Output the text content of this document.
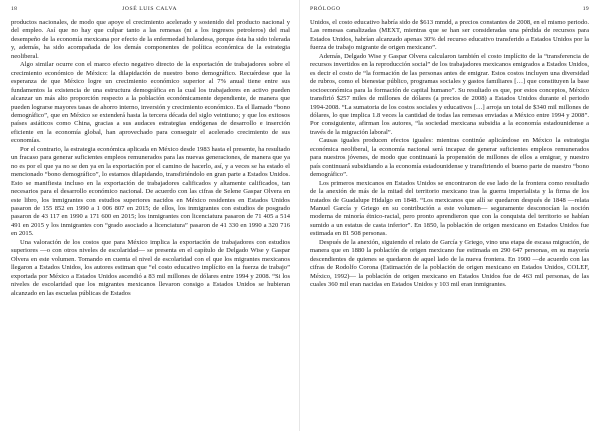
18	JOSÉ LUIS CALVA

productos nacionales, de modo que apoye el crecimiento acelerado y sostenido del producto nacional y del empleo. Así que no hay que culpar tanto a las remesas (ni a los ingresos petroleros) del mal desempeño de la economía mexicana por efecto de la enfermedad holandesa, porque ésta ha sido tolerada y, además, ha sido acompañada de los demás componentes de política económica de la estrategia neoliberal.

Algo similar ocurre con el marco efecto negativo directo de la exportación de trabajadores sobre el crecimiento económico de México: la dilapidación de nuestro bono demográfico. Recuérdese que la esperanza de que México logre un crecimiento económico superior al 7% anual tiene entre sus fundamentos la existencia de una estructura demográfica en la cual los trabajadores en activo pueden alcanzar un más alto proporción respecto a la población económicamente dependiente, de manera que pueden lograrse mayores tasas de ahorro interno, inversión y crecimiento económico. Es el llamado “bono demográfico”, que en México se extenderá hasta la tercera década del siglo veintiuno; y que los exitosos países asiáticos como China, gracias a sus audaces estrategias endógenas de desarrollo e inserción eficiente en la economía global, han aprovechado para conseguir el acelerado crecimiento de sus economías.

Por el contrario, la estrategia económica aplicada en México desde 1983 hasta el presente, ha resultado un fracaso para generar suficientes empleos remunerados para las nuevas generaciones, de manera que ya no es por el que ya no se den ya en la exportación por el camino de hacerlo, así, y a veces se ha estado el mencionado “bono demográfico”, lo estamos dilapidando, transfiriéndolo en gran parte a Estados Unidos. Esto se manifiesta incluso en la exportación de trabajadores calificados y altamente calificados, tan necesarios para el desarrollo económico nacional. De acuerdo con las cifras de Selene Gaspar Olvera en este libro, los inmigrantes con estudios superiores nacidos en México residentes en Estados Unidos pasaron de 155 852 en 1990 a 1 006 807 en 2015; de ellos, los inmigrantes con estudios de posgrado pasaron de 43 117 en 1990 a 171 600 en 2015; los inmigrantes con licenciatura pasaron de 71 405 a 514 491 en 2015 y los inmigrantes con “grado asociado a licenciatura” pasaron de 41 330 en 1990 a 320 716 en 2015.

Una valoración de los costos que para México implica la exportación de trabajadores con estudios superiores —o con otros niveles de escolaridad— se presenta en el capítulo de Delgado Wise y Gaspar Olvera en este volumen. Tomando en cuenta el nivel de escolaridad con el que los migrantes mexicanos llegaron a Estados Unidos, los autores estiman que “el costo educativo implícito en la fuerza de trabajo” exportada por México a Estados Unidos ascendió a 83 mil millones de dólares entre 1994 y 2008. “Si los niveles de escolaridad que los migrantes mexicanos llevaron consigo a Estados Unidos se hubieran alcanzado en las escuelas públicas de Estados

PRÓLOGO	19

Unidos, el costo educativo habría sido de $613 mmdd, a precios constantes de 2008, en el mismo periodo. Las remesas canalizadas (MEXT, mientras que se han ser consideradas una pérdida de recursos para Estados Unidos, habrían alcanzado apenas 30% del recurso educativo transferido a Estados Unidos por la fuerza de trabajo migrante de origen mexicano”.

Además, Delgado Wise y Gaspar Olvera calcularon también el costo implícito de la “transferencia de recursos invertidos en la reproducción social” de los trabajadores mexicanos emigrados a Estados Unidos, es decir el costo de “la formación de las personas antes de emigrar. Estos costos incluyen una diversidad de rubros, como el bienestar público, programas sociales y gastos familiares […] que constituyen la base socioeconómica para la formación de capital humano”. Su resultado es que, por estos conceptos, México transfirió $257 miles de millones de dólares (a precios de 2008) a Estados Unidos durante el periodo 1994-2008. “La sumatoria de los costos sociales y educativos […] arroja un total de $340 mil millones de dólares, lo que implica 1.8 veces la cantidad de todas las remesas enviadas a México entre 1994 y 2008”. Por consiguiente, afirman los autores, “la sociedad mexicana subsidia a la economía estadounidense a través de la migración laboral”.

Causas iguales producen efectos iguales: mientras continúe aplicándose en México la estrategia económica neoliberal, la economía nacional será incapaz de generar suficientes empleos remunerados para nuestros jóvenes, de modo que continuará la propensión de millones de ellos a emigrar, y nuestro país continuará subsidiando a la economía estadounidense y transfiriendo el bueno parte de nuestro “bono demográfico”.

Los primeros mexicanos en Estados Unidos se encontraron de ese lado de la frontera como resultado de la anexión de más de la mitad del territorio mexicano tras la guerra imperialista y la firma de los tratados de Guadalupe Hidalgo en 1848. “Los mexicanos que allí se quedaron después de 1848 —relata Manuel García y Griego en su contribución a este volumen— seguramente desconocían la noción moderna de minoría étnico-racial, pero pronto aprendieron que con la conquista del territorio se habían sumido a un estatus de casta inferior”. En 1850, la población de origen mexicano en Estados Unidos fue estimada en 81 508 personas.

Después de la anexión, siguiendo el relato de García y Griego, vino una etapa de escasa migración, de manera que en 1880 la población de origen mexicano fue estimada en 290 647 personas, en su mayoría descendientes de quienes se quedaron de aquel lado de la nueva frontera. En 1900 —de acuerdo con las cifras de Rodolfo Corona (Estimación de la población de origen mexicano en Estados Unidos, COLEF, México, 1992)— la población de origen mexicano en Estados Unidos fue de 463 mil personas, de las cuales 360 mil eran nacidas en Estados Unidos y 103 mil eran inmigrantes.
